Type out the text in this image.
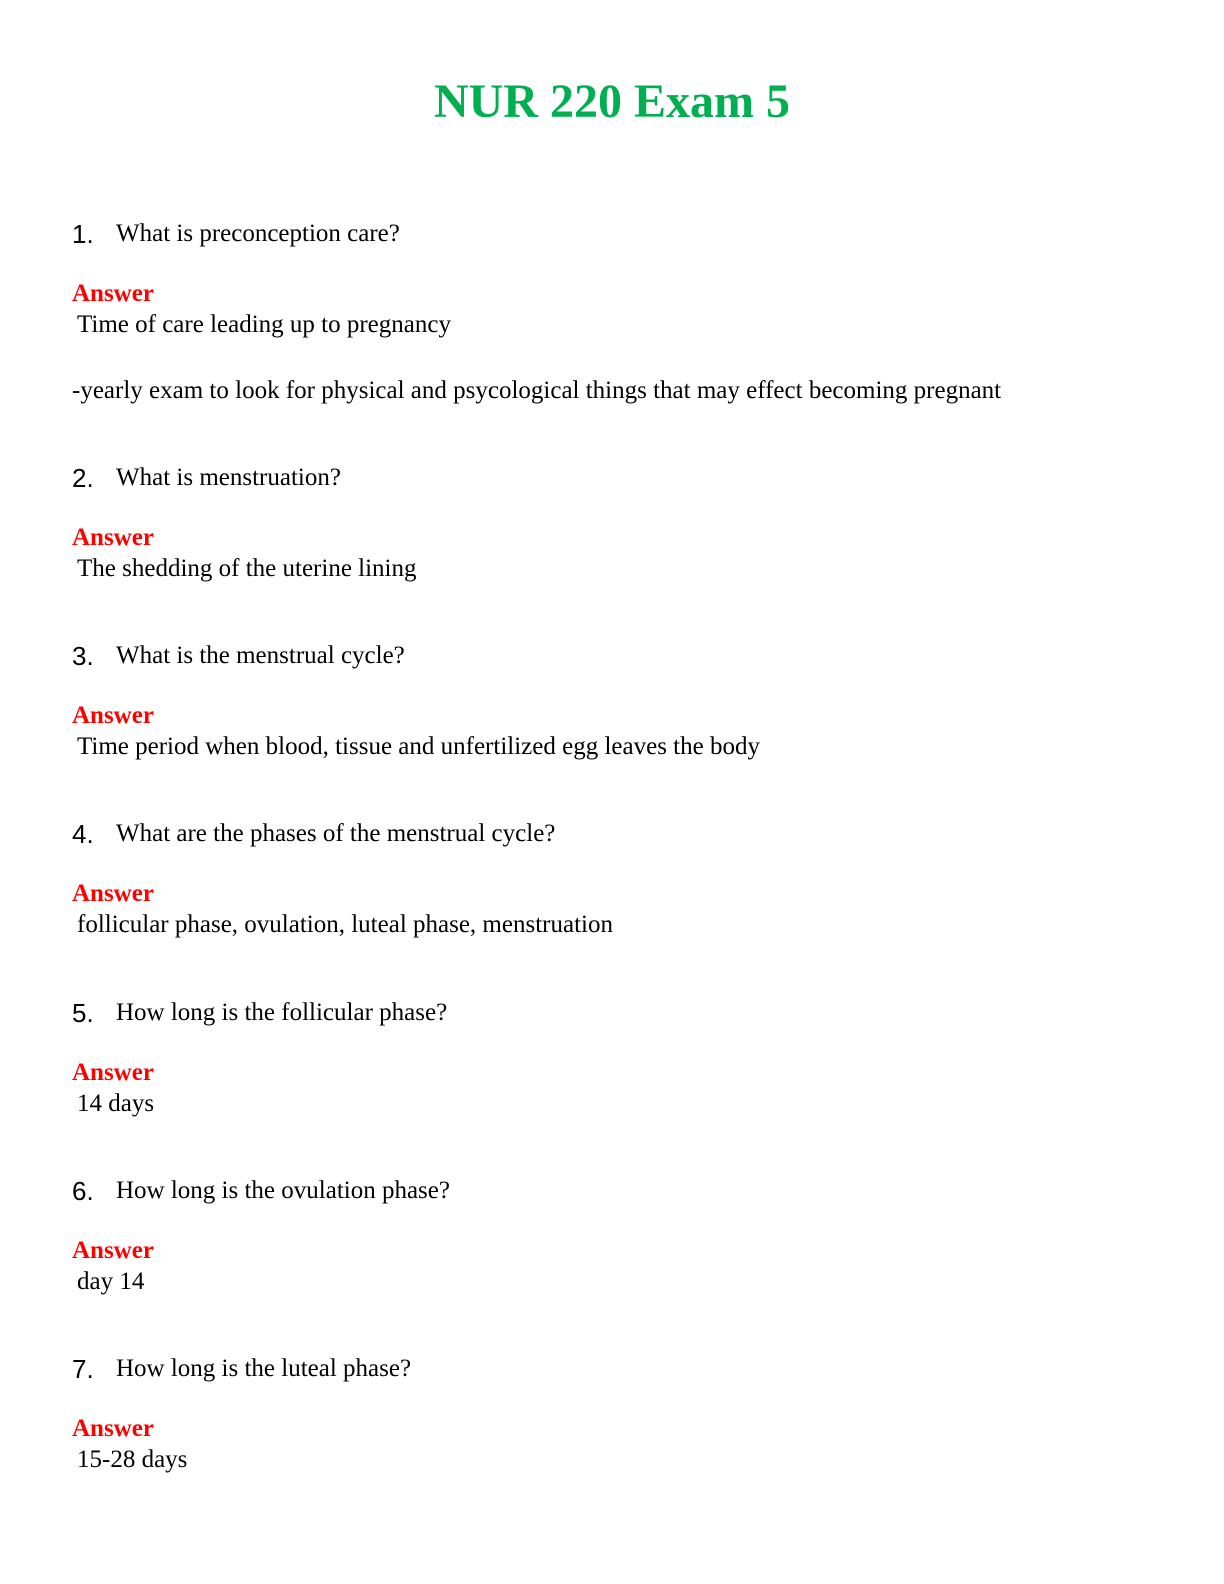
NUR 220 Exam 5
1. What is preconception care?
Answer
Time of care leading up to pregnancy
-yearly exam to look for physical and psycological things that may effect becoming pregnant
2. What is menstruation?
Answer
The shedding of the uterine lining
3. What is the menstrual cycle?
Answer
Time period when blood, tissue and unfertilized egg leaves the body
4. What are the phases of the menstrual cycle?
Answer
follicular phase, ovulation, luteal phase, menstruation
5. How long is the follicular phase?
Answer
14 days
6. How long is the ovulation phase?
Answer
day 14
7. How long is the luteal phase?
Answer
15-28 days
